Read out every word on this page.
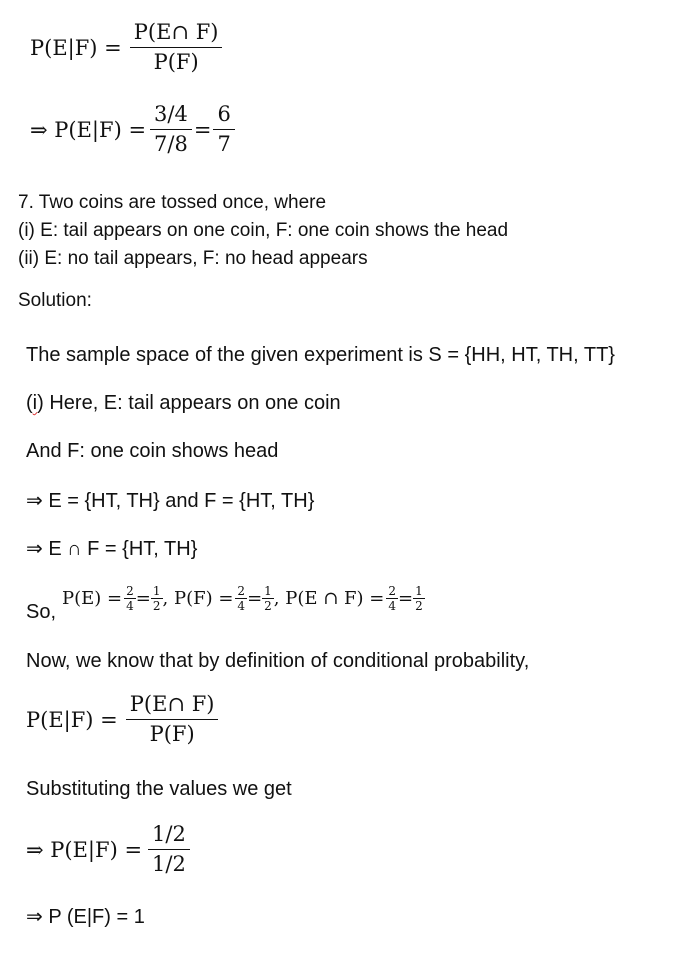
$P(E|F) = \frac{P(E\cap F)}{P(F)}$
⇒ $P(E|F) = \frac{3/4}{7/8} = \frac{6}{7}$
7. Two coins are tossed once, where
(i) E: tail appears on one coin, F: one coin shows the head
(ii) E: no tail appears, F: no head appears
Solution:
The sample space of the given experiment is S = {HH, HT, TH, TT}
(i) Here, E: tail appears on one coin
And F: one coin shows head
⇒ E = {HT, TH} and F = {HT, TH}
⇒ E ∩ F = {HT, TH}
So,
$P(E) = \frac{2}{4} = \frac{1}{2}$ , $P(F) = \frac{2}{4} = \frac{1}{2}$ , P(E ∩ $F) = \frac{2}{4} = \frac{1}{2}$
Now, we know that by definition of conditional probability,
$P(E|F) = \frac{P(E\cap F)}{P(F)}$
Substituting the values we get
⇒ $P(E|F) = \frac{1/2}{1/2}$
⇒ P (E|F) = 1
